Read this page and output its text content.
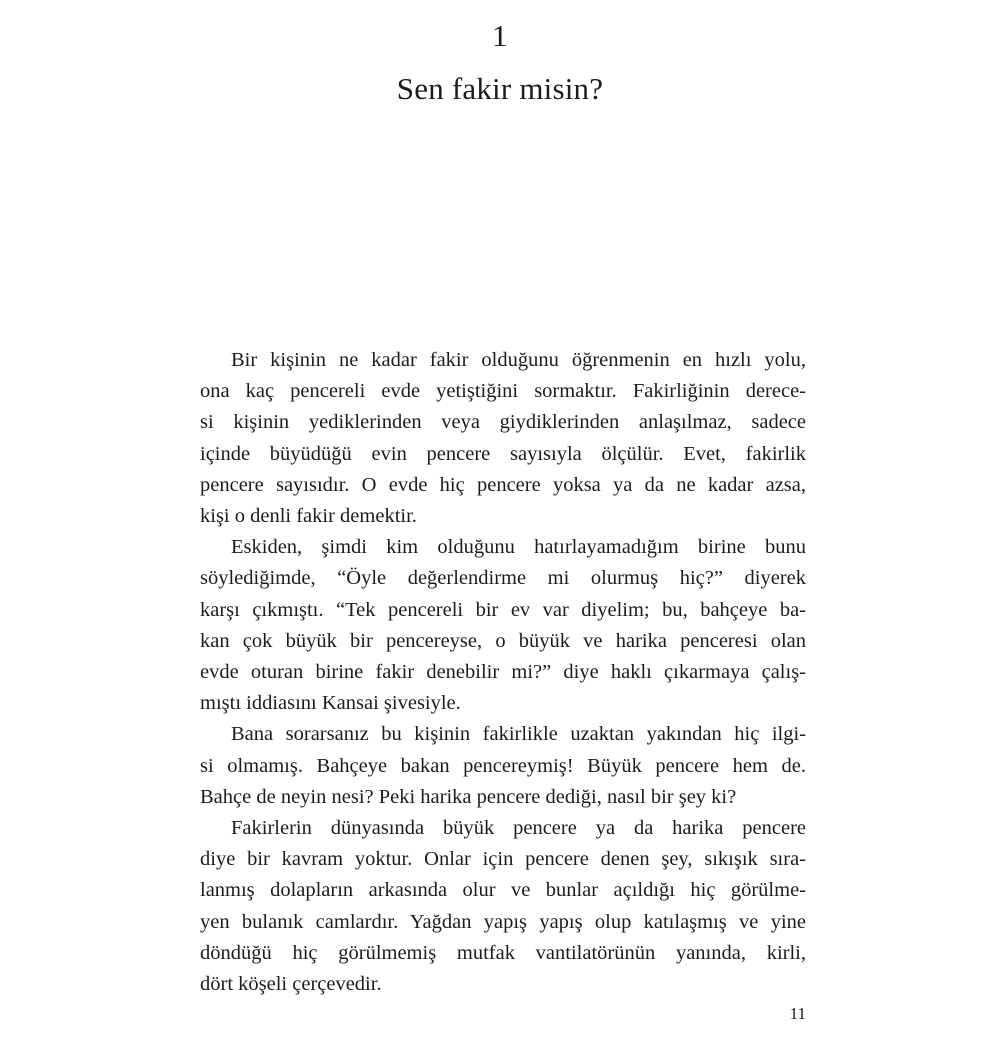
1
Sen fakir misin?

Bir kişinin ne kadar fakir olduğunu öğrenmenin en hızlı yolu,
ona kaç pencereli evde yetiştiğini sormaktır. Fakirliğinin derece-
si kişinin yediklerinden veya giydiklerinden anlaşılmaz, sadece
içinde büyüdüğü evin pencere sayısıyla ölçülür. Evet, fakirlik
pencere sayısıdır. O evde hiç pencere yoksa ya da ne kadar azsa,
kişi o denli fakir demektir.

Eskiden, şimdi kim olduğunu hatırlayamadığım birine bunu
söylediğimde, “Öyle değerlendirme mi olurmuş hiç?” diyerek
karşı çıkmıştı. “Tek pencereli bir ev var diyelim; bu, bahçeye ba-
kan çok büyük bir pencereyse, o büyük ve harika penceresi olan
evde oturan birine fakir denebilir mi?” diye haklı çıkarmaya çalış-
mıştı iddiasını Kansai şivesiyle.

Bana sorarsanız bu kişinin fakirlikle uzaktan yakından hiç ilgi-
si olmamış. Bahçeye bakan pencereymiş! Büyük pencere hem de.
Bahçe de neyin nesi? Peki harika pencere dediği, nasıl bir şey ki?

Fakirlerin dünyasında büyük pencere ya da harika pencere
diye bir kavram yoktur. Onlar için pencere denen şey, sıkışık sıra-
lanmış dolapların arkasında olur ve bunlar açıldığı hiç görülme-
yen bulanık camlardır. Yağdan yapış yapış olup katılaşmış ve yine
döndüğü hiç görülmemiş mutfak vantilatörünün yanında, kirli,
dört köşeli çerçevedir.

11
